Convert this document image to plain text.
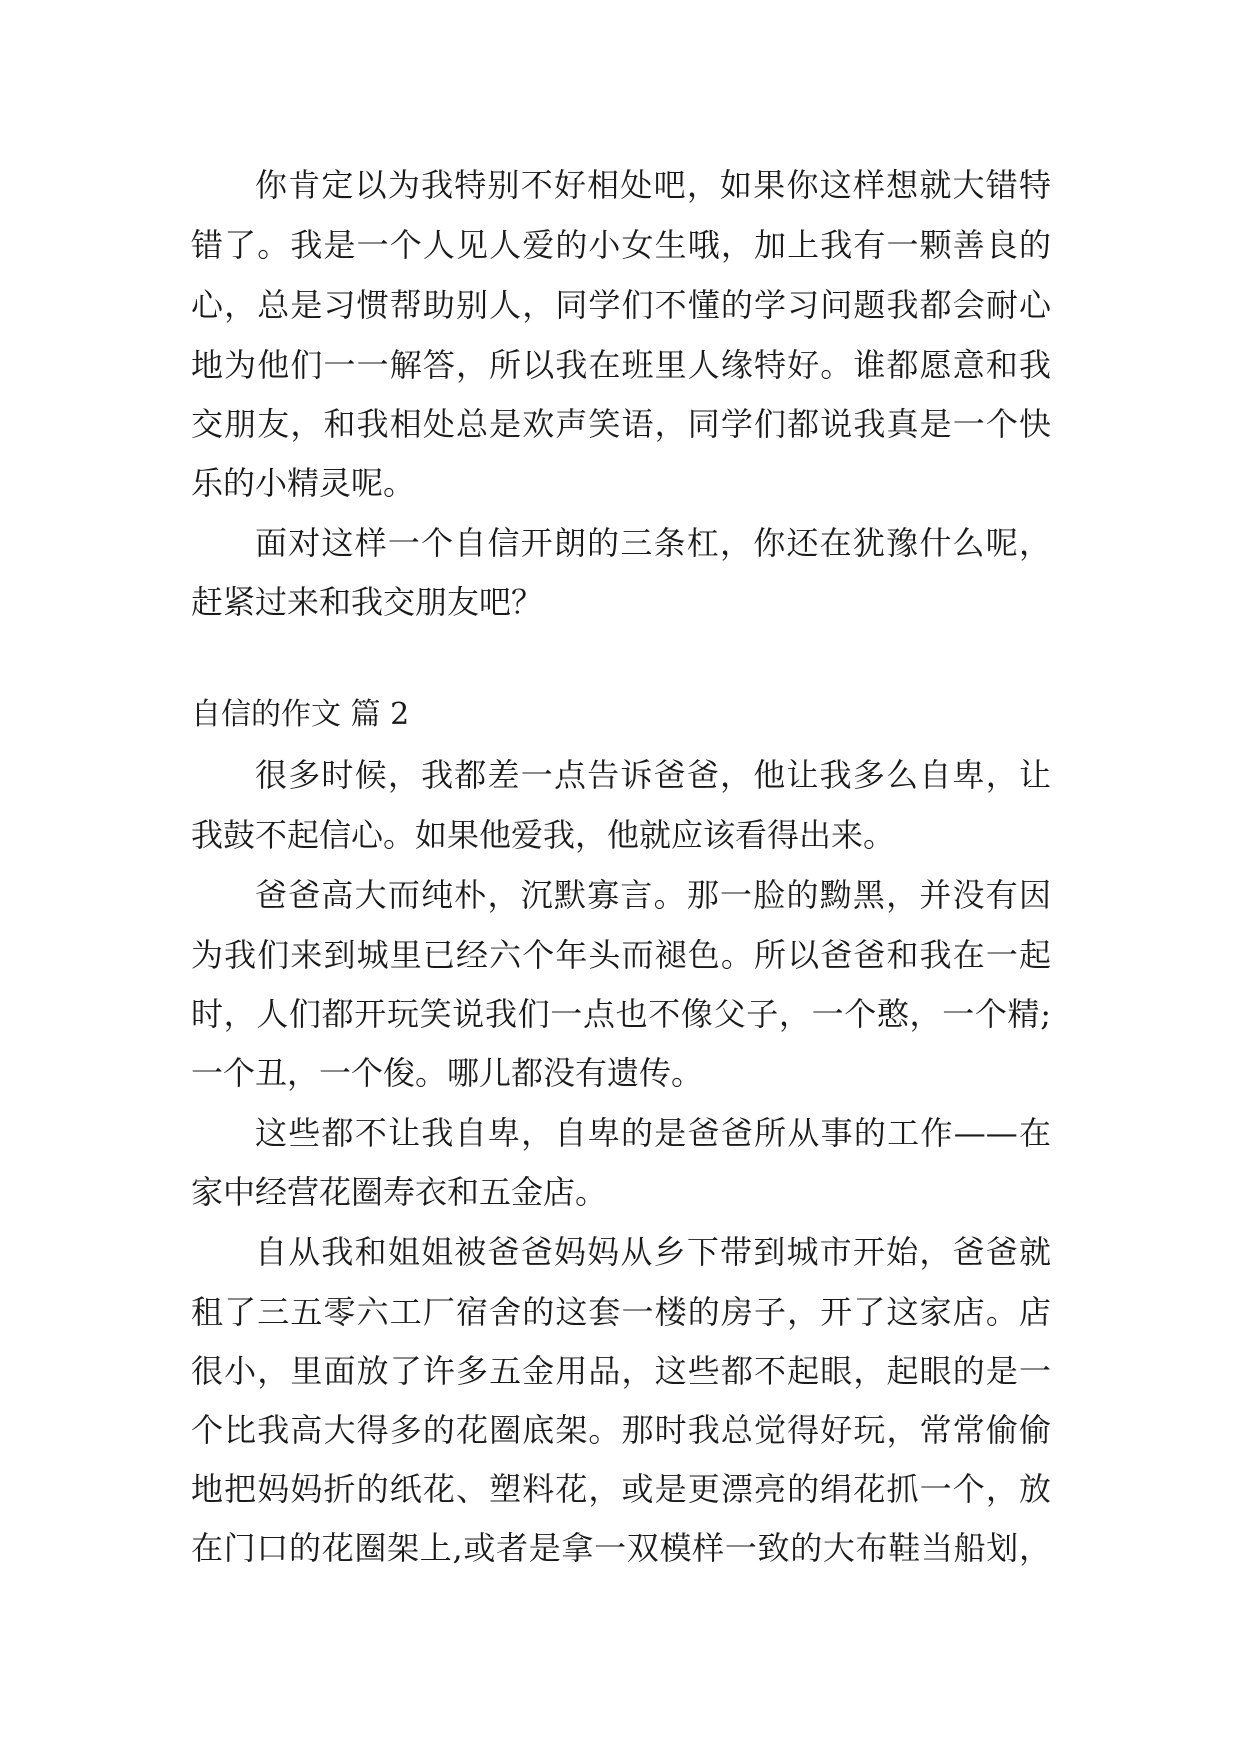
你肯定以为我特别不好相处吧，如果你这样想就大错特
错了。我是一个人见人爱的小女生哦，加上我有一颗善良的
心，总是习惯帮助别人，同学们不懂的学习问题我都会耐心
地为他们一一解答，所以我在班里人缘特好。谁都愿意和我
交朋友，和我相处总是欢声笑语，同学们都说我真是一个快
乐的小精灵呢。
面对这样一个自信开朗的三条杠，你还在犹豫什么呢，
赶紧过来和我交朋友吧？
自信的作文 篇 2
很多时候，我都差一点告诉爸爸，他让我多么自卑，让
我鼓不起信心。如果他爱我，他就应该看得出来。
爸爸高大而纯朴，沉默寡言。那一脸的黝黑，并没有因
为我们来到城里已经六个年头而褪色。所以爸爸和我在一起
时，人们都开玩笑说我们一点也不像父子，一个憨，一个精;
一个丑，一个俊。哪儿都没有遗传。
这些都不让我自卑，自卑的是爸爸所从事的工作——在
家中经营花圈寿衣和五金店。
自从我和姐姐被爸爸妈妈从乡下带到城市开始，爸爸就
租了三五零六工厂宿舍的这套一楼的房子，开了这家店。店
很小，里面放了许多五金用品，这些都不起眼，起眼的是一
个比我高大得多的花圈底架。那时我总觉得好玩，常常偷偷
地把妈妈折的纸花、塑料花，或是更漂亮的绢花抓一个，放
在门口的花圈架上,或者是拿一双模样一致的大布鞋当船划，
